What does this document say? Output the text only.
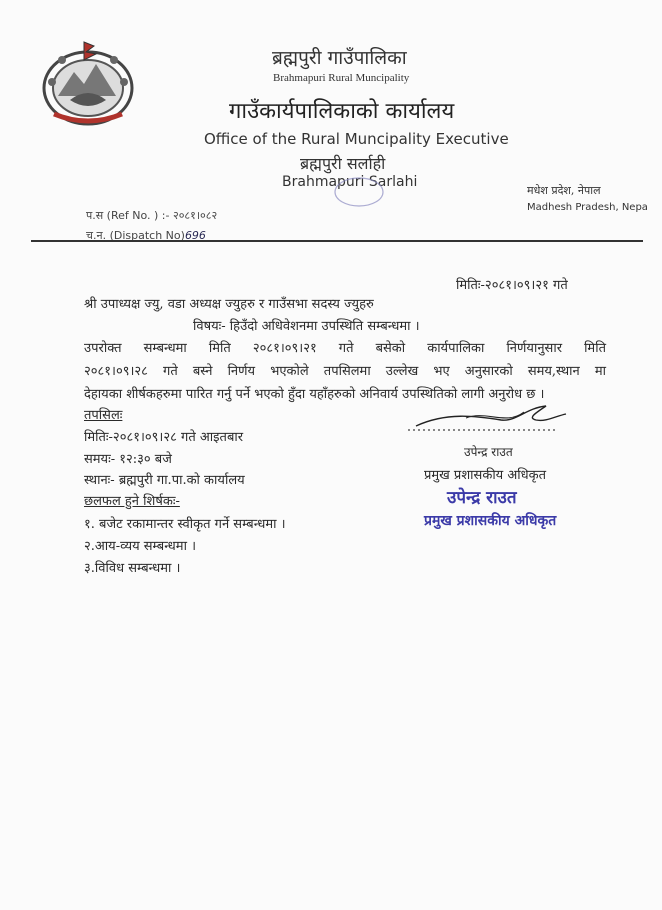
ब्रह्मपुरी गाउँपालिका
Brahmapuri Rural Muncipality
गाउँकार्यपालिकाको कार्यालय
Office of the Rural Muncipality Executive
ब्रह्मपुरी सर्लाही
Brahmapuri Sarlahi
मधेश प्रदेश, नेपाल
Madhesh Pradesh, Nepa
प.स (Ref No. ) :- २०८१।०८२
च.न. (Dispatch No)696
मितिः-२०८१।०९।२१ गते
श्री उपाध्यक्ष ज्यु, वडा अध्यक्ष ज्युहरु र गाउँसभा सदस्य ज्युहरु
विषयः- हिउँदो अधिवेशनमा उपस्थिति सम्बन्धमा ।
उपरोक्त सम्बन्धमा मिति २०८१।०९।२१ गते बसेको कार्यपालिका निर्णयानुसार मिति
२०८१।०९।२८ गते बस्ने निर्णय भएकोले तपसिलमा उल्लेख भए अनुसारको समय,स्थान मा
देहायका शीर्षकहरुमा पारित गर्नु पर्ने भएको हुँदा यहाँहरुको अनिवार्य उपस्थितिको लागी अनुरोध छ ।
तपसिलः
मितिः-२०८१।०९।२८ गते आइतबार
समयः- १२:३० बजे
स्थानः- ब्रह्मपुरी गा.पा.को कार्यालय
छलफल हुने शिर्षकः-
१. बजेट रकामान्तर स्वीकृत गर्ने सम्बन्धमा ।
२.आय-व्यय सम्बन्धमा ।
३.विविध सम्बन्धमा ।
उपेन्द्र राउत
प्रमुख प्रशासकीय अधिकृत
उपेन्द्र राउत
प्रमुख प्रशासकीय अधिकृत
